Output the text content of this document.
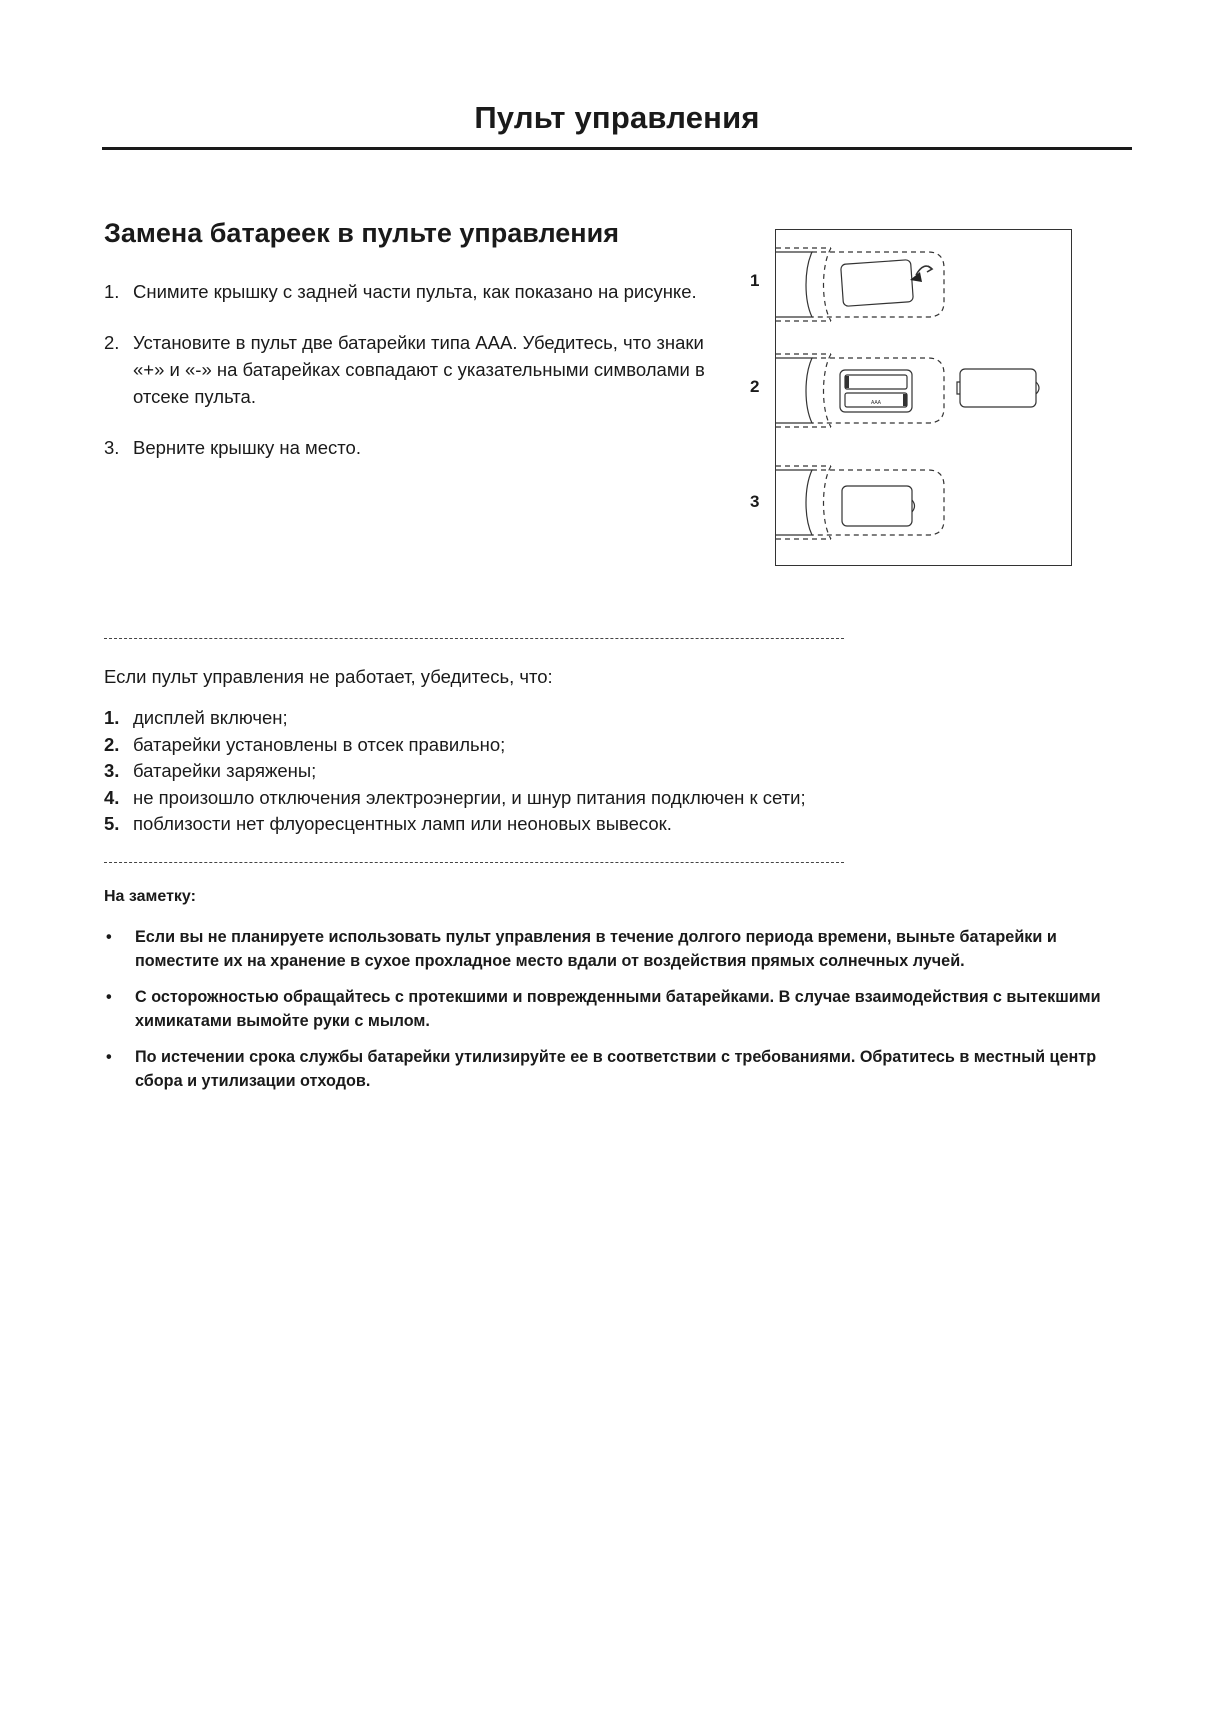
Пульт управления
Замена батареек в пульте управления
1. Снимите крышку с задней части пульта, как показано на рисунке.
2. Установите в пульт две батарейки типа ААА. Убедитесь, что знаки «+» и «-» на батарейках совпадают с указательными символами в отсеке пульта.
3. Верните крышку на место.
AAA
1
2
3
Если пульт управления не работает, убедитесь, что:
1. дисплей включен;
2. батарейки установлены в отсек правильно;
3. батарейки заряжены;
4. не произошло отключения электроэнергии, и шнур питания подключен к сети;
5. поблизости нет флуоресцентных ламп или неоновых вывесок.
На заметку:
•	Если вы не планируете использовать пульт управления в течение долгого периода времени, выньте батарейки и поместите их на хранение в сухое прохладное место вдали от воздействия прямых солнечных лучей.
•	С осторожностью обращайтесь с протекшими и поврежденными батарейками. В случае взаимодействия с вытекшими химикатами вымойте руки с мылом.
•	По истечении срока службы батарейки утилизируйте ее в соответствии с требованиями. Обратитесь в местный центр сбора и утилизации отходов.
